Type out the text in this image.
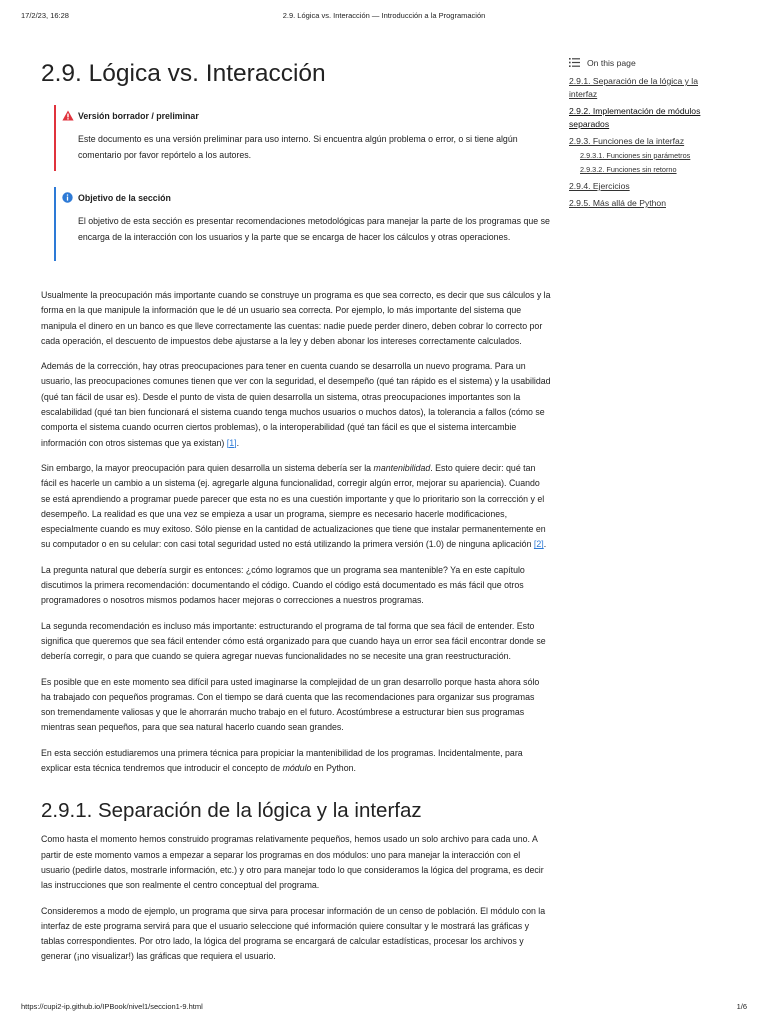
17/2/23, 16:28	2.9. Lógica vs. Interacción — Introducción a la Programación
2.9. Lógica vs. Interacción
Versión borrador / preliminar
Este documento es una versión preliminar para uso interno. Si encuentra algún problema o error, o si tiene algún comentario por favor repórtelo a los autores.
Objetivo de la sección
El objetivo de esta sección es presentar recomendaciones metodológicas para manejar la parte de los programas que se encarga de la interacción con los usuarios y la parte que se encarga de hacer los cálculos y otras operaciones.

Usualmente la preocupación más importante cuando se construye un programa es que sea correcto, es decir que sus cálculos y la forma en la que manipule la información que le dé un usuario sea correcta. Por ejemplo, lo más importante del sistema que manipula el dinero en un banco es que lleve correctamente las cuentas: nadie puede perder dinero, deben cobrar lo correcto por cada operación, el descuento de impuestos debe ajustarse a la ley y deben abonar los intereses correctamente calculados.

Además de la corrección, hay otras preocupaciones para tener en cuenta cuando se desarrolla un nuevo programa. Para un usuario, las preocupaciones comunes tienen que ver con la seguridad, el desempeño (qué tan rápido es el sistema) y la usabilidad (qué tan fácil de usar es). Desde el punto de vista de quien desarrolla un sistema, otras preocupaciones importantes son la escalabilidad (qué tan bien funcionará el sistema cuando tenga muchos usuarios o muchos datos), la tolerancia a fallos (cómo se comporta el sistema cuando ocurren ciertos problemas), o la interoperabilidad (qué tan fácil es que el sistema intercambie información con otros sistemas que ya existan) [1].

Sin embargo, la mayor preocupación para quien desarrolla un sistema debería ser la mantenibilidad. Esto quiere decir: qué tan fácil es hacerle un cambio a un sistema (ej. agregarle alguna funcionalidad, corregir algún error, mejorar su apariencia). Cuando se está aprendiendo a programar puede parecer que esta no es una cuestión importante y que lo prioritario son la corrección y el desempeño. La realidad es que una vez se empieza a usar un programa, siempre es necesario hacerle modificaciones, especialmente cuando es muy exitoso. Sólo piense en la cantidad de actualizaciones que tiene que instalar permanentemente en su computador o en su celular: con casi total seguridad usted no está utilizando la primera versión (1.0) de ninguna aplicación [2].

La pregunta natural que debería surgir es entonces: ¿cómo logramos que un programa sea mantenible? Ya en este capítulo discutimos la primera recomendación: documentando el código. Cuando el código está documentado es más fácil que otros programadores o nosotros mismos podamos hacer mejoras o correcciones a nuestros programas.

La segunda recomendación es incluso más importante: estructurando el programa de tal forma que sea fácil de entender. Esto significa que queremos que sea fácil entender cómo está organizado para que cuando haya un error sea fácil encontrar donde se debería corregir, o para que cuando se quiera agregar nuevas funcionalidades no se necesite una gran reestructuración.

Es posible que en este momento sea difícil para usted imaginarse la complejidad de un gran desarrollo porque hasta ahora sólo ha trabajado con pequeños programas. Con el tiempo se dará cuenta que las recomendaciones para organizar sus programas son tremendamente valiosas y que le ahorrarán mucho trabajo en el futuro. Acostúmbrese a estructurar bien sus programas mientras sean pequeños, para que sea natural hacerlo cuando sean grandes.

En esta sección estudiaremos una primera técnica para propiciar la mantenibilidad de los programas. Incidentalmente, para explicar esta técnica tendremos que introducir el concepto de módulo en Python.

2.9.1. Separación de la lógica y la interfaz

Como hasta el momento hemos construido programas relativamente pequeños, hemos usado un solo archivo para cada uno. A partir de este momento vamos a empezar a separar los programas en dos módulos: uno para manejar la interacción con el usuario (pedirle datos, mostrarle información, etc.) y otro para manejar todo lo que consideramos la lógica del programa, es decir las instrucciones que son realmente el centro conceptual del programa.

Consideremos a modo de ejemplo, un programa que sirva para procesar información de un censo de población. El módulo con la interfaz de este programa servirá para que el usuario seleccione qué información quiere consultar y le mostrará las gráficas y tablas correspondientes. Por otro lado, la lógica del programa se encargará de calcular estadísticas, procesar los archivos y generar (¡no visualizar!) las gráficas que requiera el usuario.

On this page
2.9.1. Separación de la lógica y la interfaz
2.9.2. Implementación de módulos separados
2.9.3. Funciones de la interfaz
2.9.3.1. Funciones sin parámetros
2.9.3.2. Funciones sin retorno
2.9.4. Ejercicios
2.9.5. Más allá de Python
https://cupi2-ip.github.io/IPBook/nivel1/seccion1-9.html	1/6
